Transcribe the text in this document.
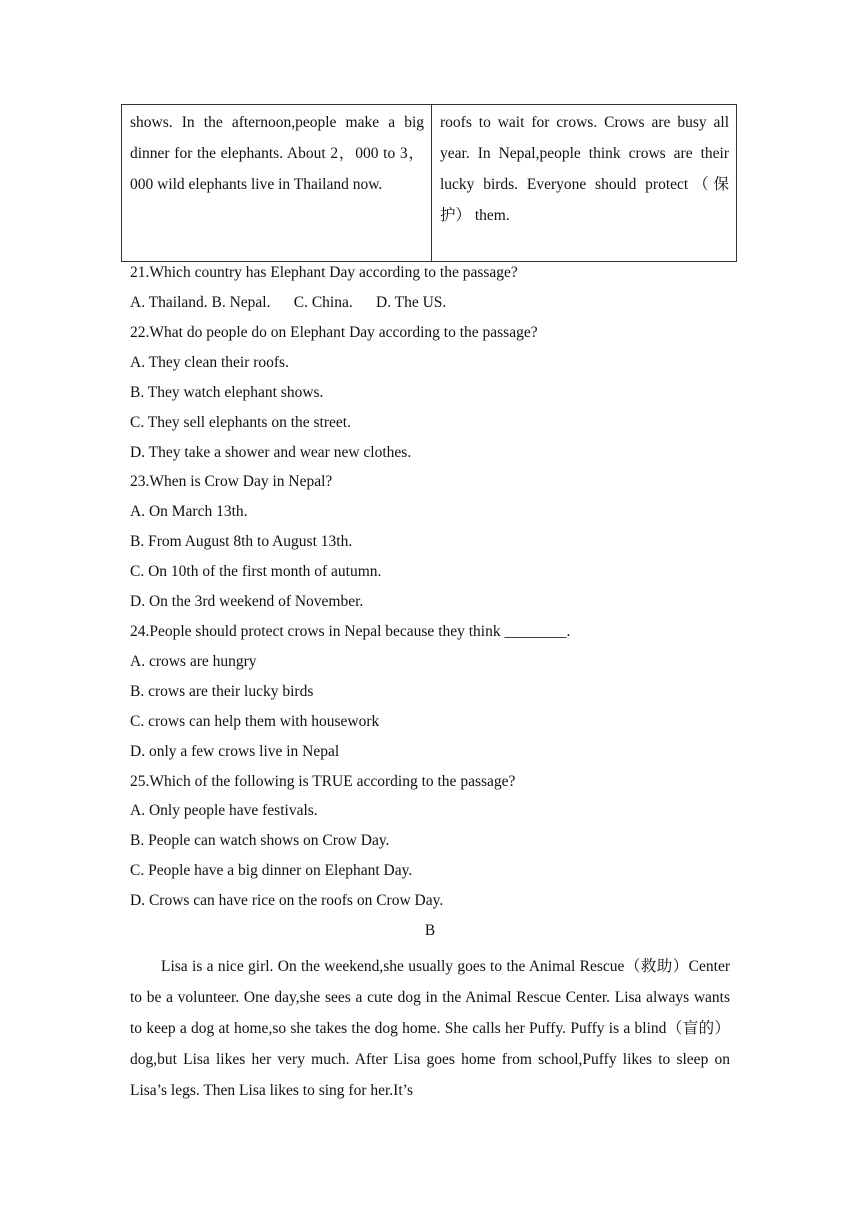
shows. In the afternoon,people make a big dinner for the elephants. About 2，000 to 3，000 wild elephants live in Thailand now.
roofs to wait for crows. Crows are busy all year. In Nepal,people think crows are their lucky birds. Everyone should protect（保护） them.
21.Which country has Elephant Day according to the passage?
A. Thailand. B. Nepal.      C. China.      D. The US.
22.What do people do on Elephant Day according to the passage?
A. They clean their roofs.
B. They watch elephant shows.
C. They sell elephants on the street.
D. They take a shower and wear new clothes.
23.When is Crow Day in Nepal?
A. On March 13th.
B. From August 8th to August 13th.
C. On 10th of the first month of autumn.
D. On the 3rd weekend of November.
24.People should protect crows in Nepal because they think ________.
A. crows are hungry
B. crows are their lucky birds
C. crows can help them with housework
D. only a few crows live in Nepal
25.Which of the following is TRUE according to the passage?
A. Only people have festivals.
B. People can watch shows on Crow Day.
C. People have a big dinner on Elephant Day.
D. Crows can have rice on the roofs on Crow Day.
B
Lisa is a nice girl. On the weekend,she usually goes to the Animal Rescue（救助）Center to be a volunteer. One day,she sees a cute dog in the Animal Rescue Center. Lisa always wants to keep a dog at home,so she takes the dog home. She calls her Puffy. Puffy is a blind（盲的）dog,but Lisa likes her very much. After Lisa goes home from school,Puffy likes to sleep on Lisa’s legs. Then Lisa likes to sing for her.It’s
